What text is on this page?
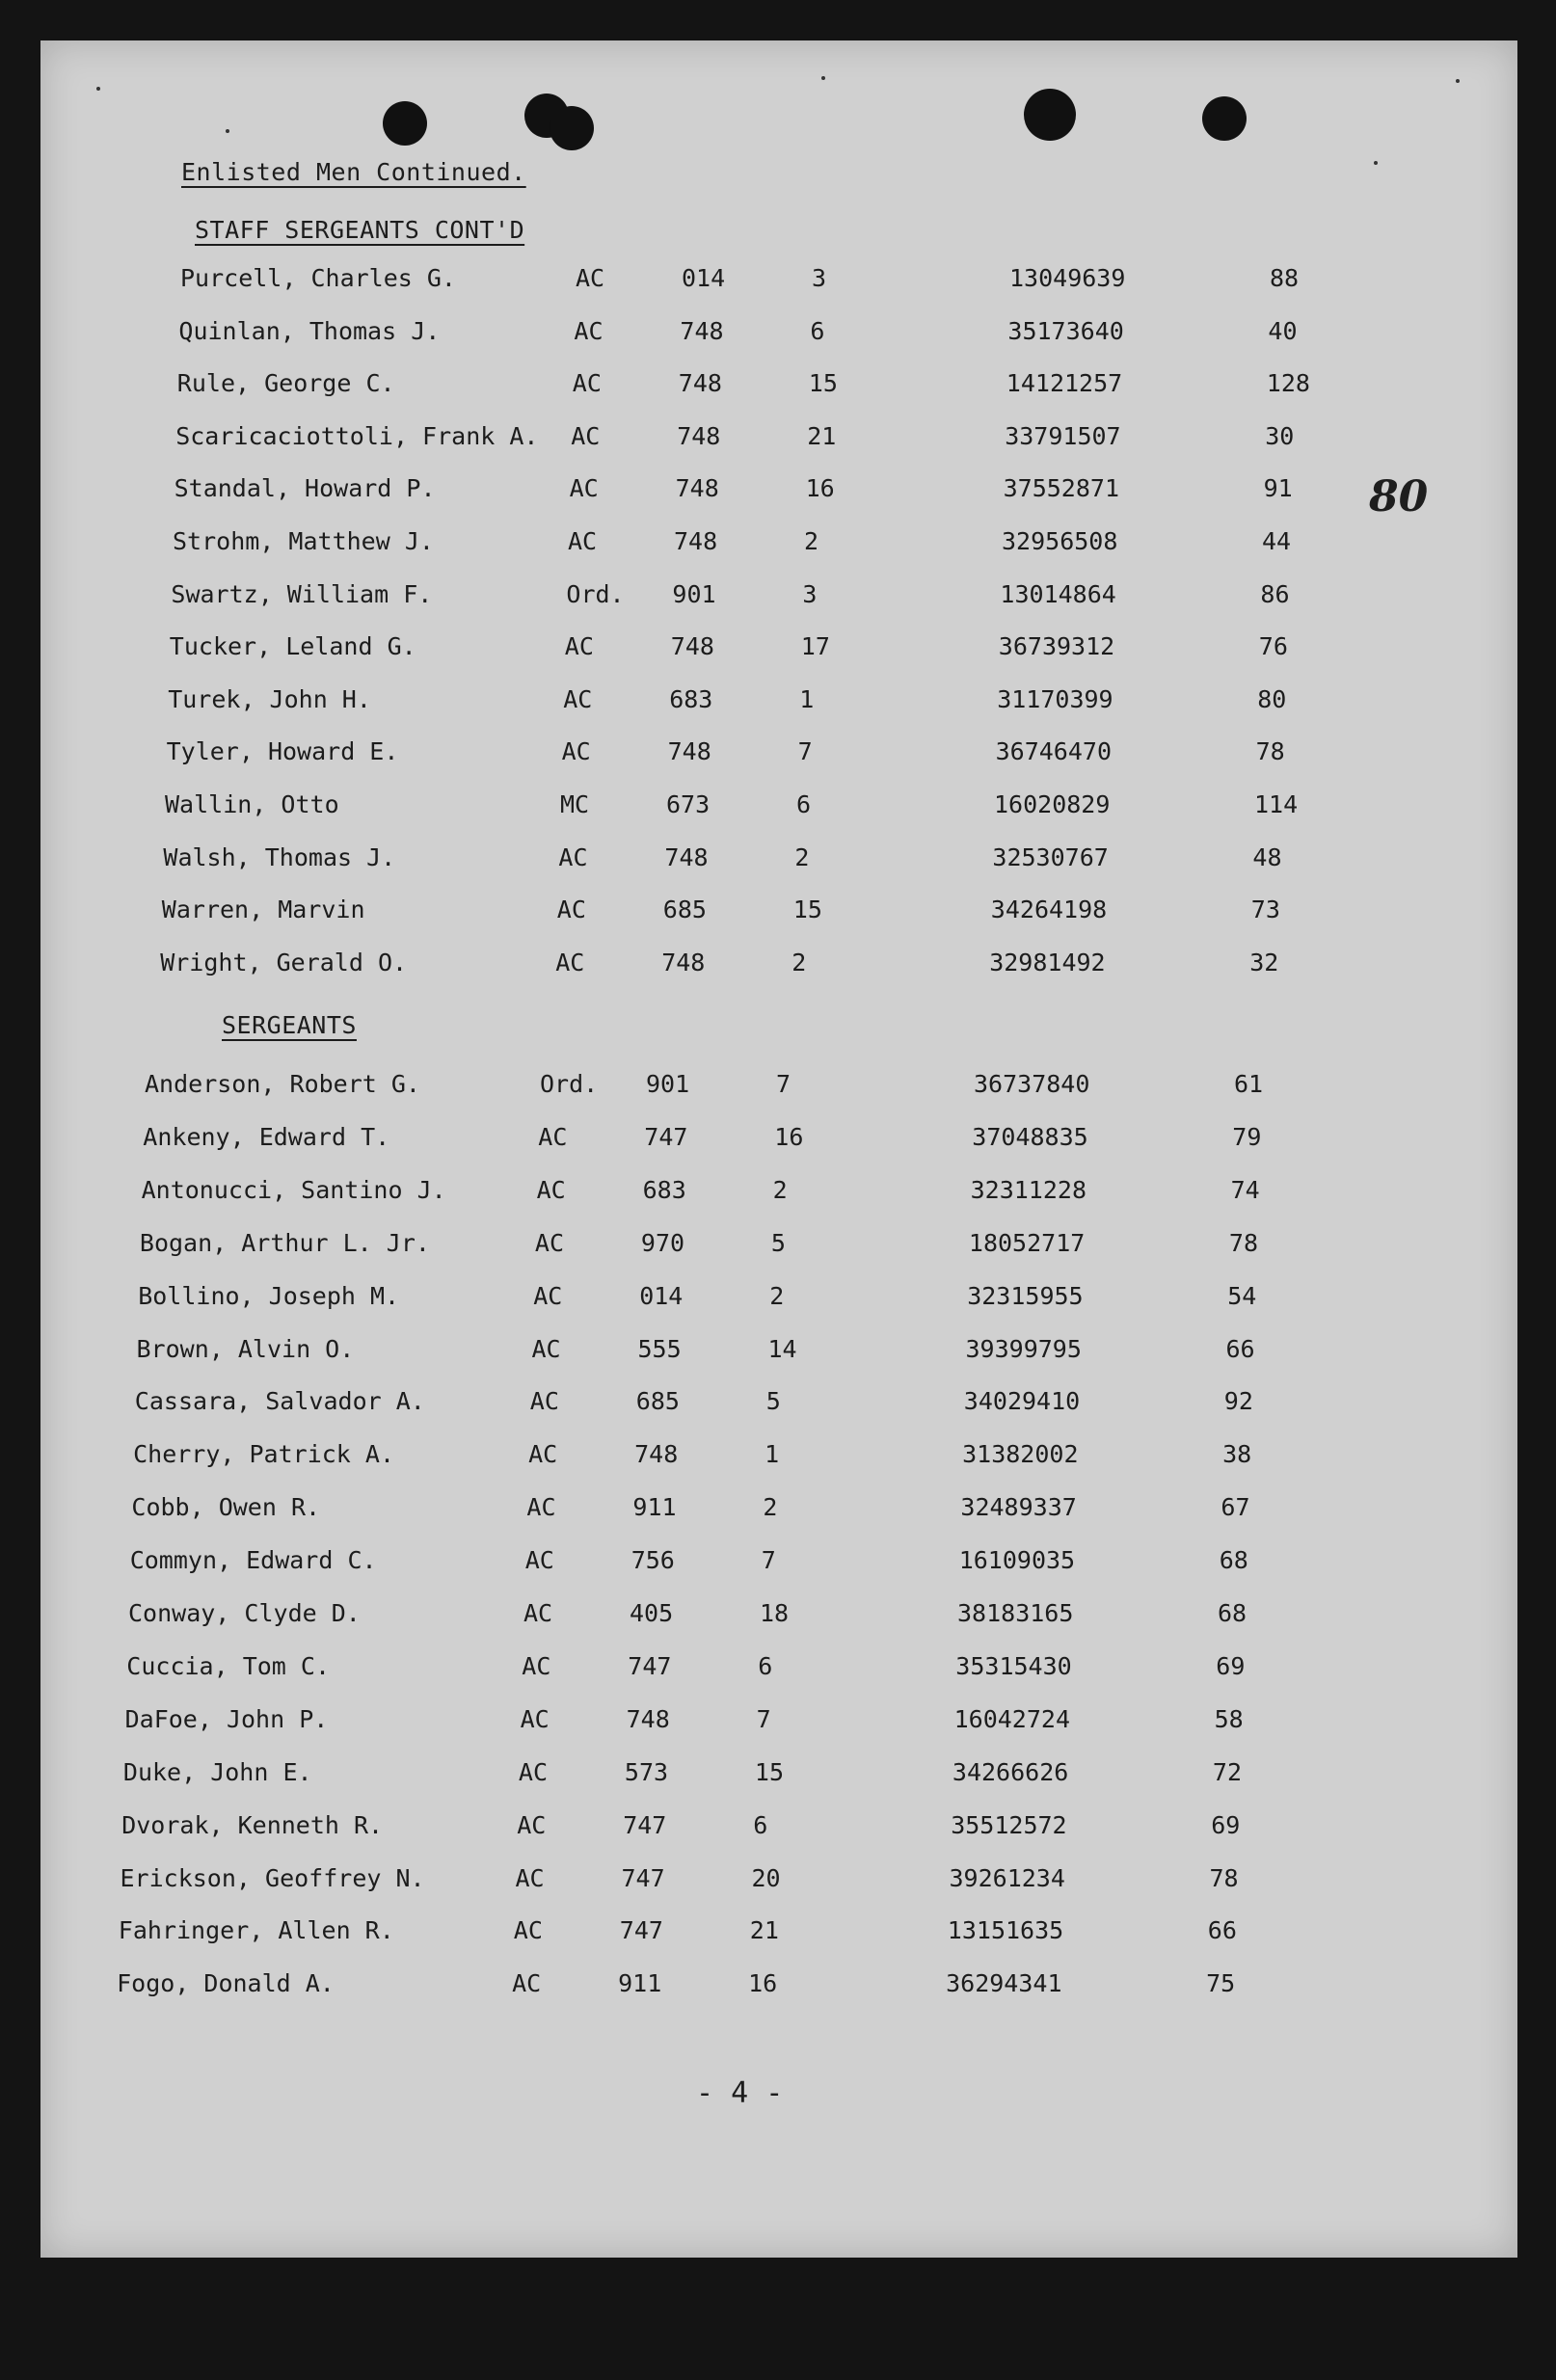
Enlisted Men Continued.
80
STAFF SERGEANTS CONT'D
Purcell, Charles G.	AC	014	3	13049639	88
Quinlan, Thomas J.	AC	748	6	35173640	40
Rule, George C.	AC	748	15	14121257	128
Scaricaciottoli, Frank A. AC	748	21	33791507	30
Standal, Howard P.	AC	748	16	37552871	91
Strohm, Matthew J.	AC	748	2	32956508	44
Swartz, William F.	Ord. 901	3	13014864	86
Tucker, Leland G.	AC	748	17	36739312	76
Turek, John H.	AC	683	1	31170399	80
Tyler, Howard E.	AC	748	7	36746470	78
Wallin, Otto	MC	673	6	16020829	114
Walsh, Thomas J.	AC	748	2	32530767	48
Warren, Marvin	AC	685	15	34264198	73
Wright, Gerald O.	AC	748	2	32981492	32
SERGEANTS
Anderson, Robert G.	Ord. 901	7	36737840	61
Ankeny, Edward T.	AC	747	16	37048835	79
Antonucci, Santino J.	AC	683	2	32311228	74
Bogan, Arthur L. Jr.	AC	970	5	18052717	78
Bollino, Joseph M.	AC	014	2	32315955	54
Brown, Alvin O.	AC	555	14	39399795	66
Cassara, Salvador A.	AC	685	5	34029410	92
Cherry, Patrick A.	AC	748	1	31382002	38
Cobb, Owen R.	AC	911	2	32489337	67
Commyn, Edward C.	AC	756	7	16109035	68
Conway, Clyde D.	AC	405	18	38183165	68
Cuccia, Tom C.	AC	747	6	35315430	69
DaFoe, John P.	AC	748	7	16042724	58
Duke, John E.	AC	573	15	34266626	72
Dvorak, Kenneth R.	AC	747	6	35512572	69
Erickson, Geoffrey N.	AC	747	20	39261234	78
Fahringer, Allen R.	AC	747	21	13151635	66
Fogo, Donald A.	AC	911	16	36294341	75
- 4 -
